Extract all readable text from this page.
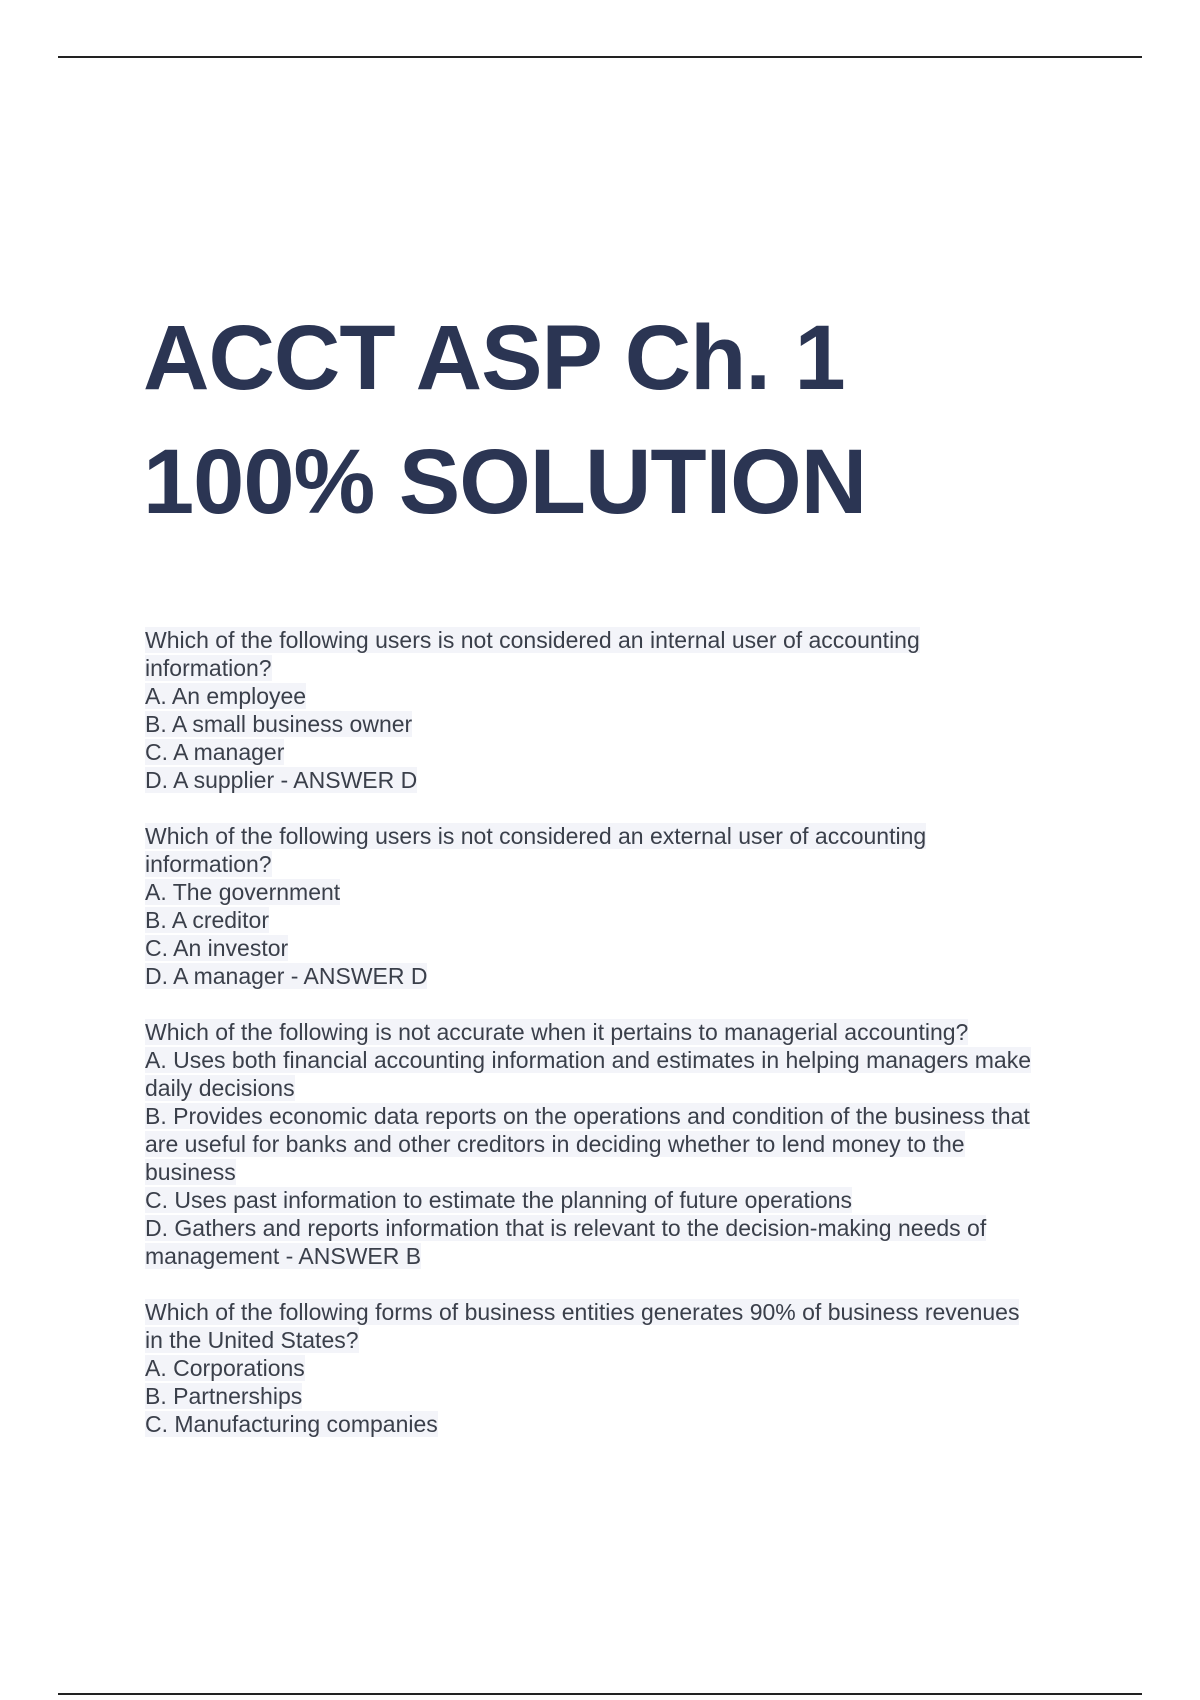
ACCT ASP Ch. 1
100% SOLUTION
Which of the following users is not considered an internal user of accounting
information?
A. An employee
B. A small business owner
C. A manager
D. A supplier - ANSWER D
Which of the following users is not considered an external user of accounting
information?
A. The government
B. A creditor
C. An investor
D. A manager - ANSWER D
Which of the following is not accurate when it pertains to managerial accounting?
A. Uses both financial accounting information and estimates in helping managers make
daily decisions
B. Provides economic data reports on the operations and condition of the business that
are useful for banks and other creditors in deciding whether to lend money to the
business
C. Uses past information to estimate the planning of future operations
D. Gathers and reports information that is relevant to the decision-making needs of
management - ANSWER B
Which of the following forms of business entities generates 90% of business revenues
in the United States?
A. Corporations
B. Partnerships
C. Manufacturing companies
